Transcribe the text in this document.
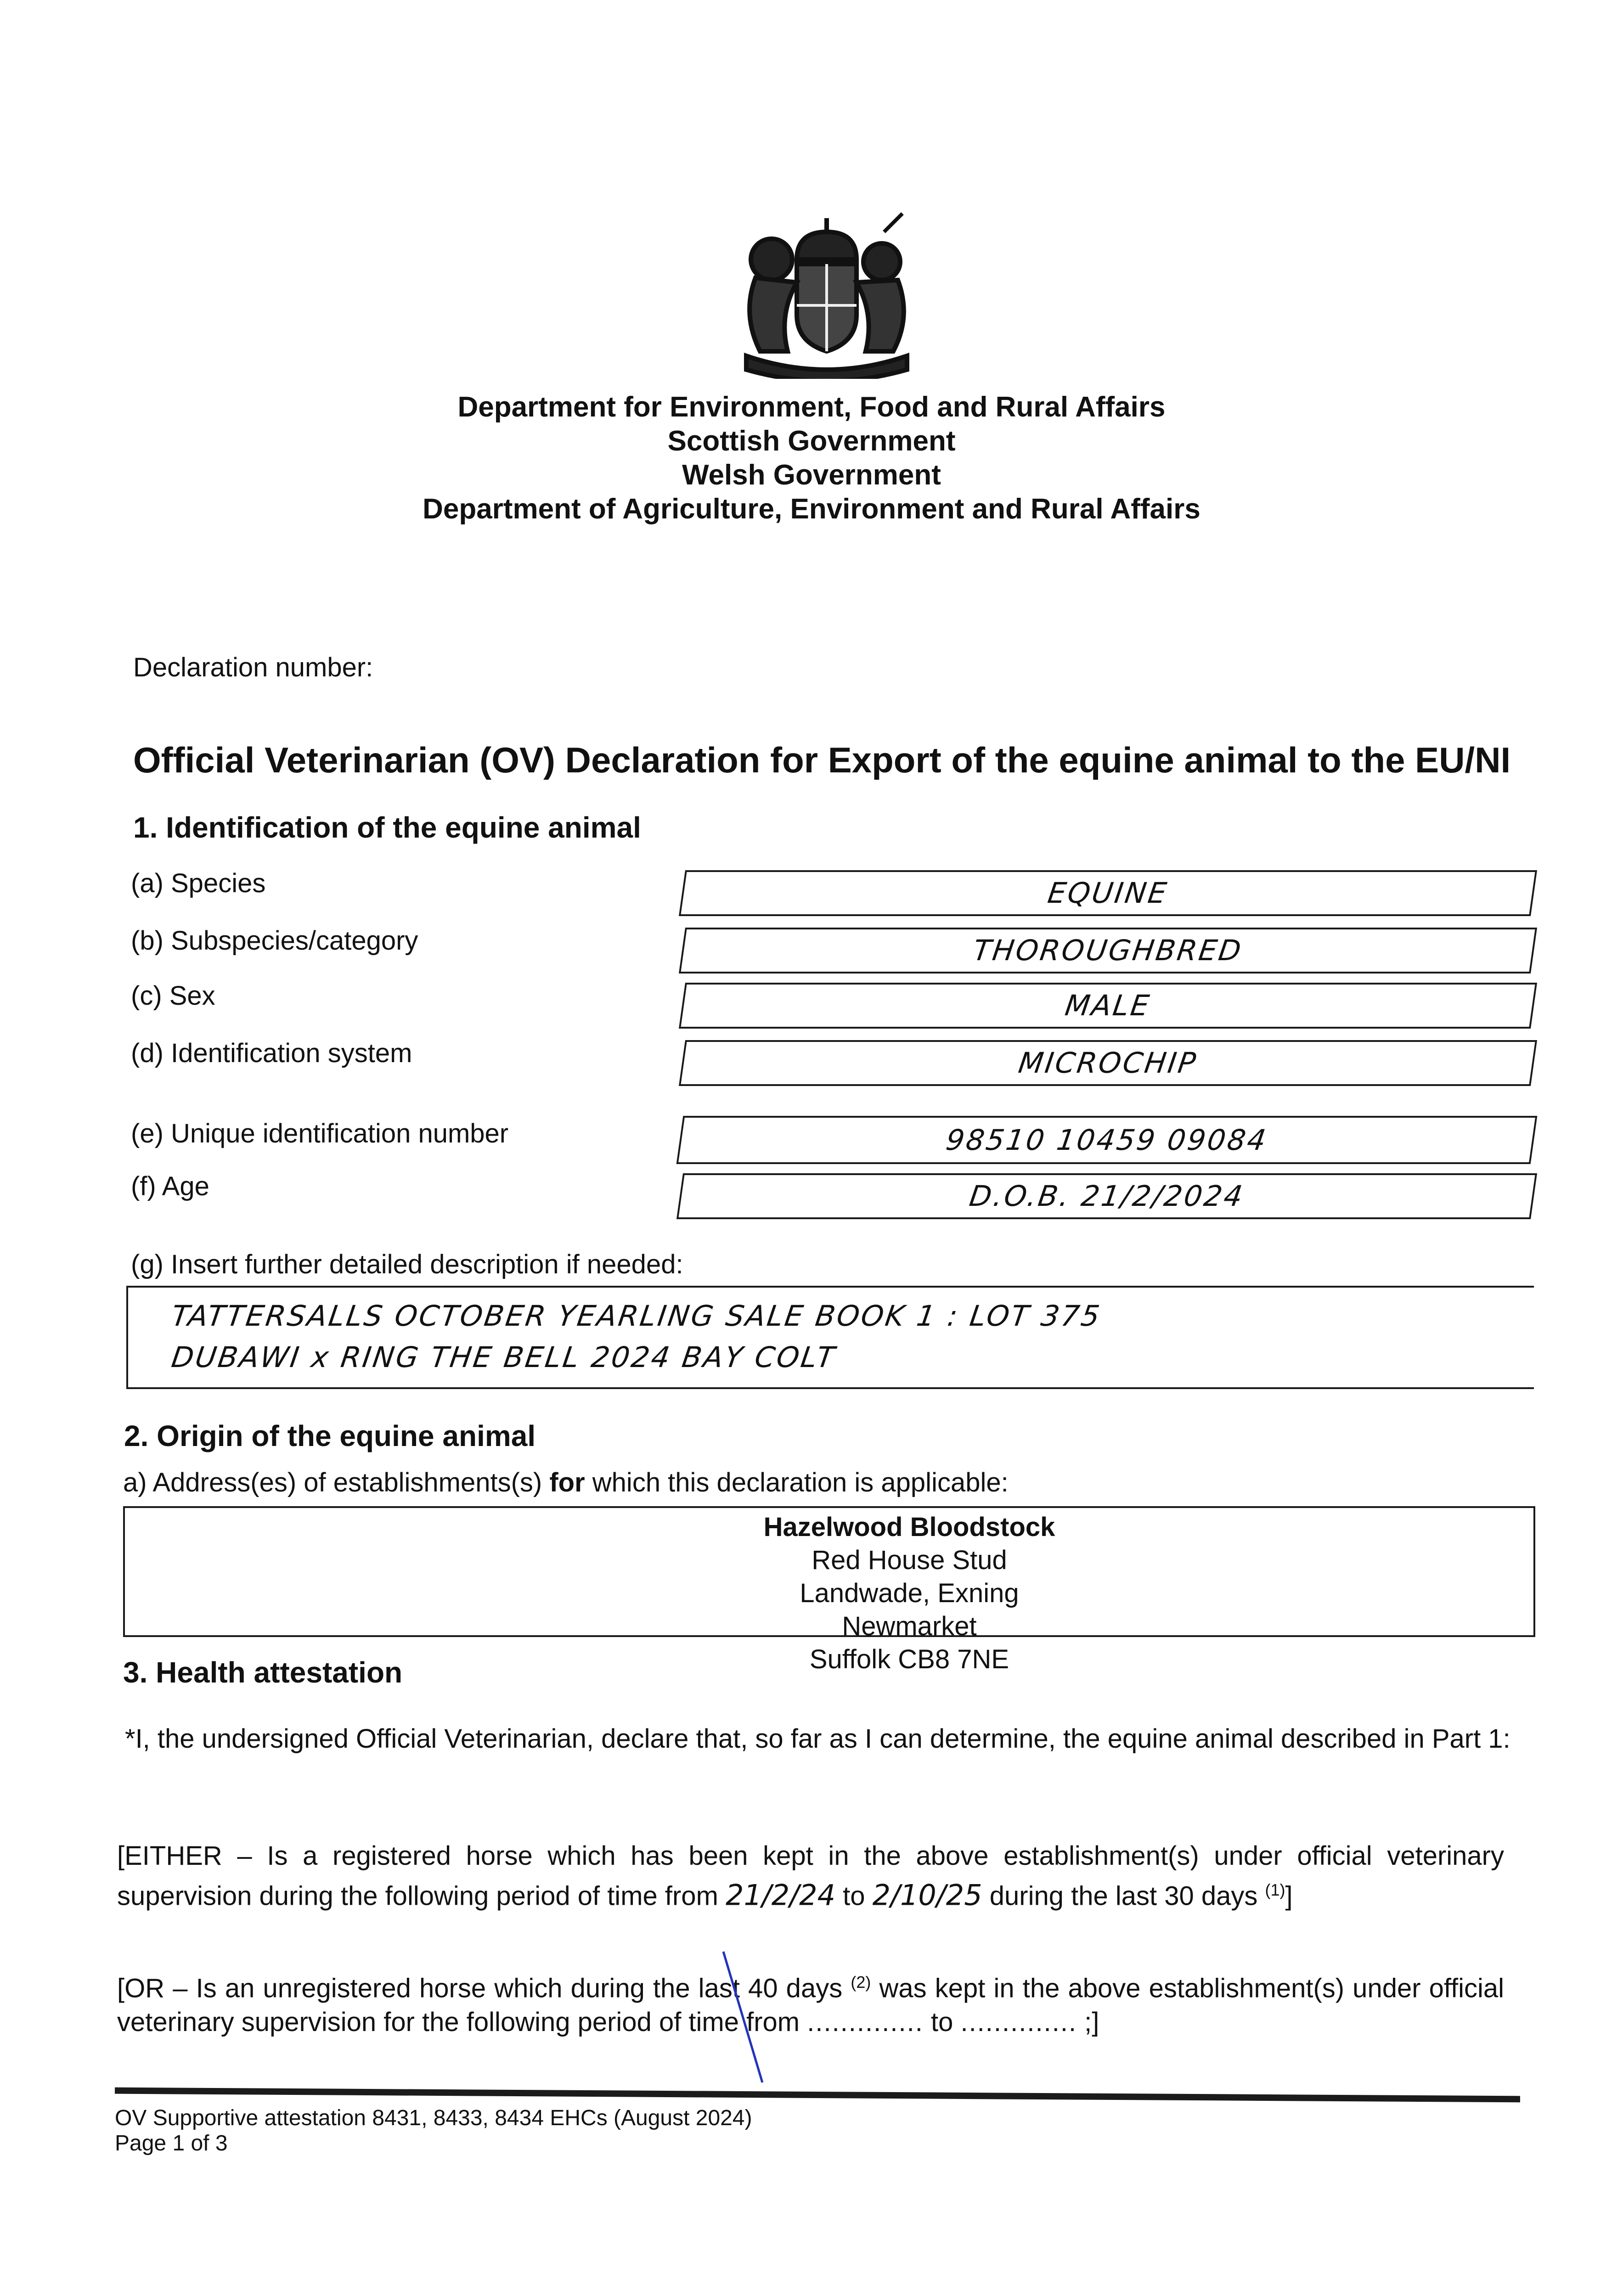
Department for Environment, Food and Rural Affairs
Scottish Government
Welsh Government
Department of Agriculture, Environment and Rural Affairs
Declaration number:
Official Veterinarian (OV) Declaration for Export of the equine animal to the EU/NI
1. Identification of the equine animal
(a) Species	EQUINE
(b) Subspecies/category	THOROUGHBRED
(c) Sex	MALE
(d) Identification system	MICROCHIP
(e) Unique identification number	98510 10459 09084
(f) Age	D.O.B. 21/2/2024
(g) Insert further detailed description if needed:
TATTERSALLS OCTOBER YEARLING SALE BOOK 1 : LOT 375
DUBAWI x RING THE BELL 2024 BAY COLT
2. Origin of the equine animal
a) Address(es) of establishments(s) for which this declaration is applicable:
Hazelwood Bloodstock
Red House Stud
Landwade, Exning
Newmarket
Suffolk CB8 7NE
3. Health attestation
*I, the undersigned Official Veterinarian, declare that, so far as I can determine, the equine animal described in Part 1:
[EITHER – Is a registered horse which has been kept in the above establishment(s) under official veterinary supervision during the following period of time from 21/2/24 to 2/10/25 during the last 30 days $^{(1)}$]
[OR – Is an unregistered horse which during the last 40 days $^{(2)}$ was kept in the above establishment(s) under official veterinary supervision for the following period of time from .............. to .............. ;]
OV Supportive attestation 8431, 8433, 8434 EHCs (August 2024)
Page 1 of 3
